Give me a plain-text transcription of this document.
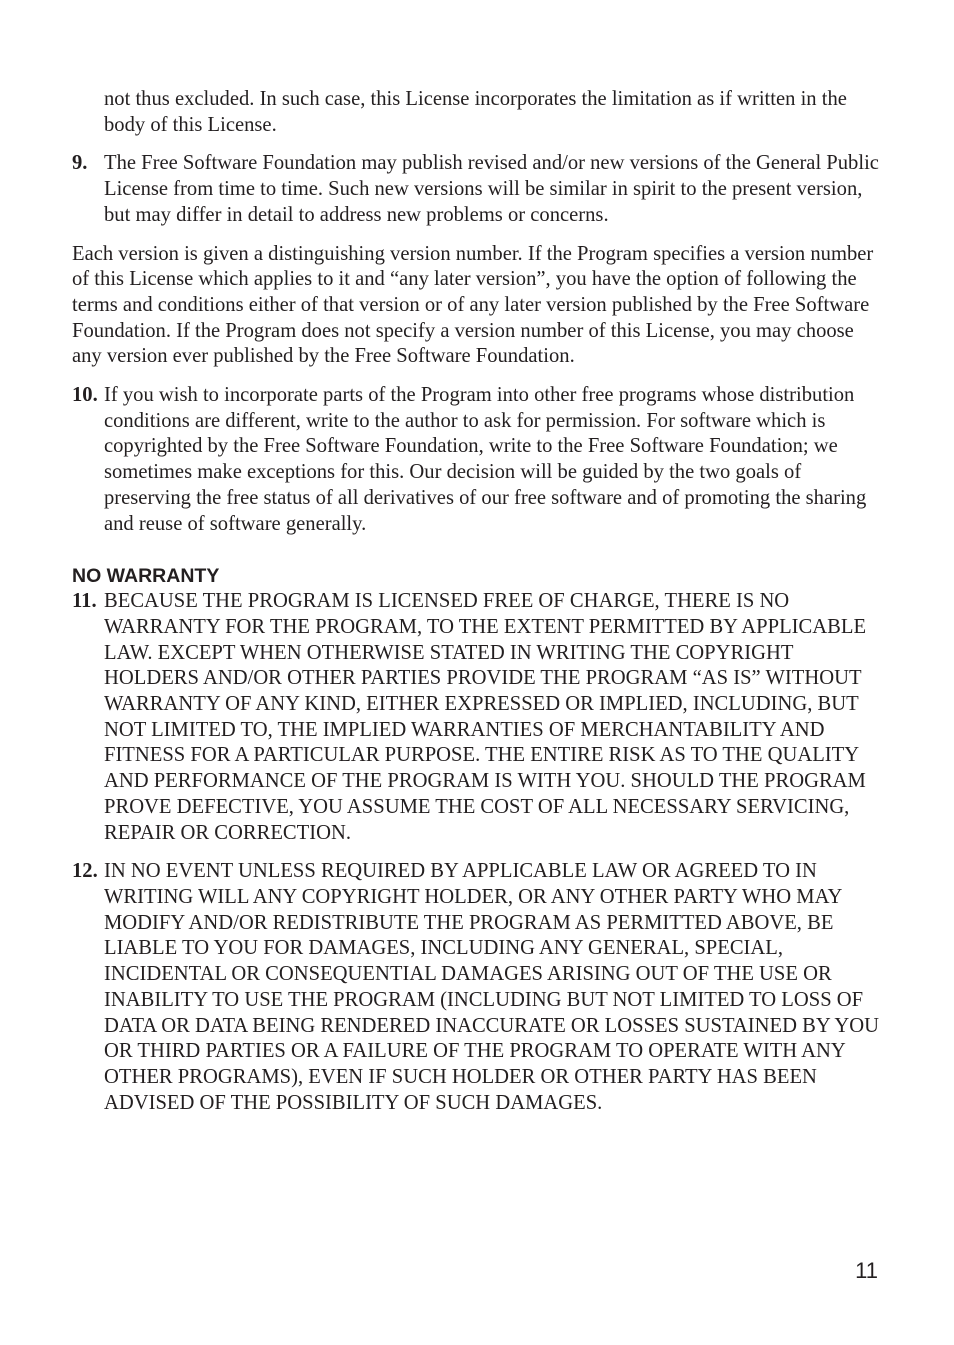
not thus excluded. In such case, this License incorporates the limitation as if written in the body of this License.

9. The Free Software Foundation may publish revised and/or new versions of the General Public License from time to time. Such new versions will be similar in spirit to the present version, but may differ in detail to address new problems or concerns.

Each version is given a distinguishing version number. If the Program specifies a version number of this License which applies to it and “any later version”, you have the option of following the terms and conditions either of that version or of any later version published by the Free Software Foundation. If the Program does not specify a version number of this License, you may choose any version ever published by the Free Software Foundation.

10. If you wish to incorporate parts of the Program into other free programs whose distribution conditions are different, write to the author to ask for permission. For software which is copyrighted by the Free Software Foundation, write to the Free Software Foundation; we sometimes make exceptions for this. Our decision will be guided by the two goals of preserving the free status of all derivatives of our free software and of promoting the sharing and reuse of software generally.
NO WARRANTY
11. BECAUSE THE PROGRAM IS LICENSED FREE OF CHARGE, THERE IS NO WARRANTY FOR THE PROGRAM, TO THE EXTENT PERMITTED BY APPLICABLE LAW. EXCEPT WHEN OTHERWISE STATED IN WRITING THE COPYRIGHT HOLDERS AND/OR OTHER PARTIES PROVIDE THE PROGRAM “AS IS” WITHOUT WARRANTY OF ANY KIND, EITHER EXPRESSED OR IMPLIED, INCLUDING, BUT NOT LIMITED TO, THE IMPLIED WARRANTIES OF MERCHANTABILITY AND FITNESS FOR A PARTICULAR PURPOSE. THE ENTIRE RISK AS TO THE QUALITY AND PERFORMANCE OF THE PROGRAM IS WITH YOU. SHOULD THE PROGRAM PROVE DEFECTIVE, YOU ASSUME THE COST OF ALL NECESSARY SERVICING, REPAIR OR CORRECTION.
12. IN NO EVENT UNLESS REQUIRED BY APPLICABLE LAW OR AGREED TO IN WRITING WILL ANY COPYRIGHT HOLDER, OR ANY OTHER PARTY WHO MAY MODIFY AND/OR REDISTRIBUTE THE PROGRAM AS PERMITTED ABOVE, BE LIABLE TO YOU FOR DAMAGES, INCLUDING ANY GENERAL, SPECIAL, INCIDENTAL OR CONSEQUENTIAL DAMAGES ARISING OUT OF THE USE OR INABILITY TO USE THE PROGRAM (INCLUDING BUT NOT LIMITED TO LOSS OF DATA OR DATA BEING RENDERED INACCURATE OR LOSSES SUSTAINED BY YOU OR THIRD PARTIES OR A FAILURE OF THE PROGRAM TO OPERATE WITH ANY OTHER PROGRAMS), EVEN IF SUCH HOLDER OR OTHER PARTY HAS BEEN ADVISED OF THE POSSIBILITY OF SUCH DAMAGES.
11
